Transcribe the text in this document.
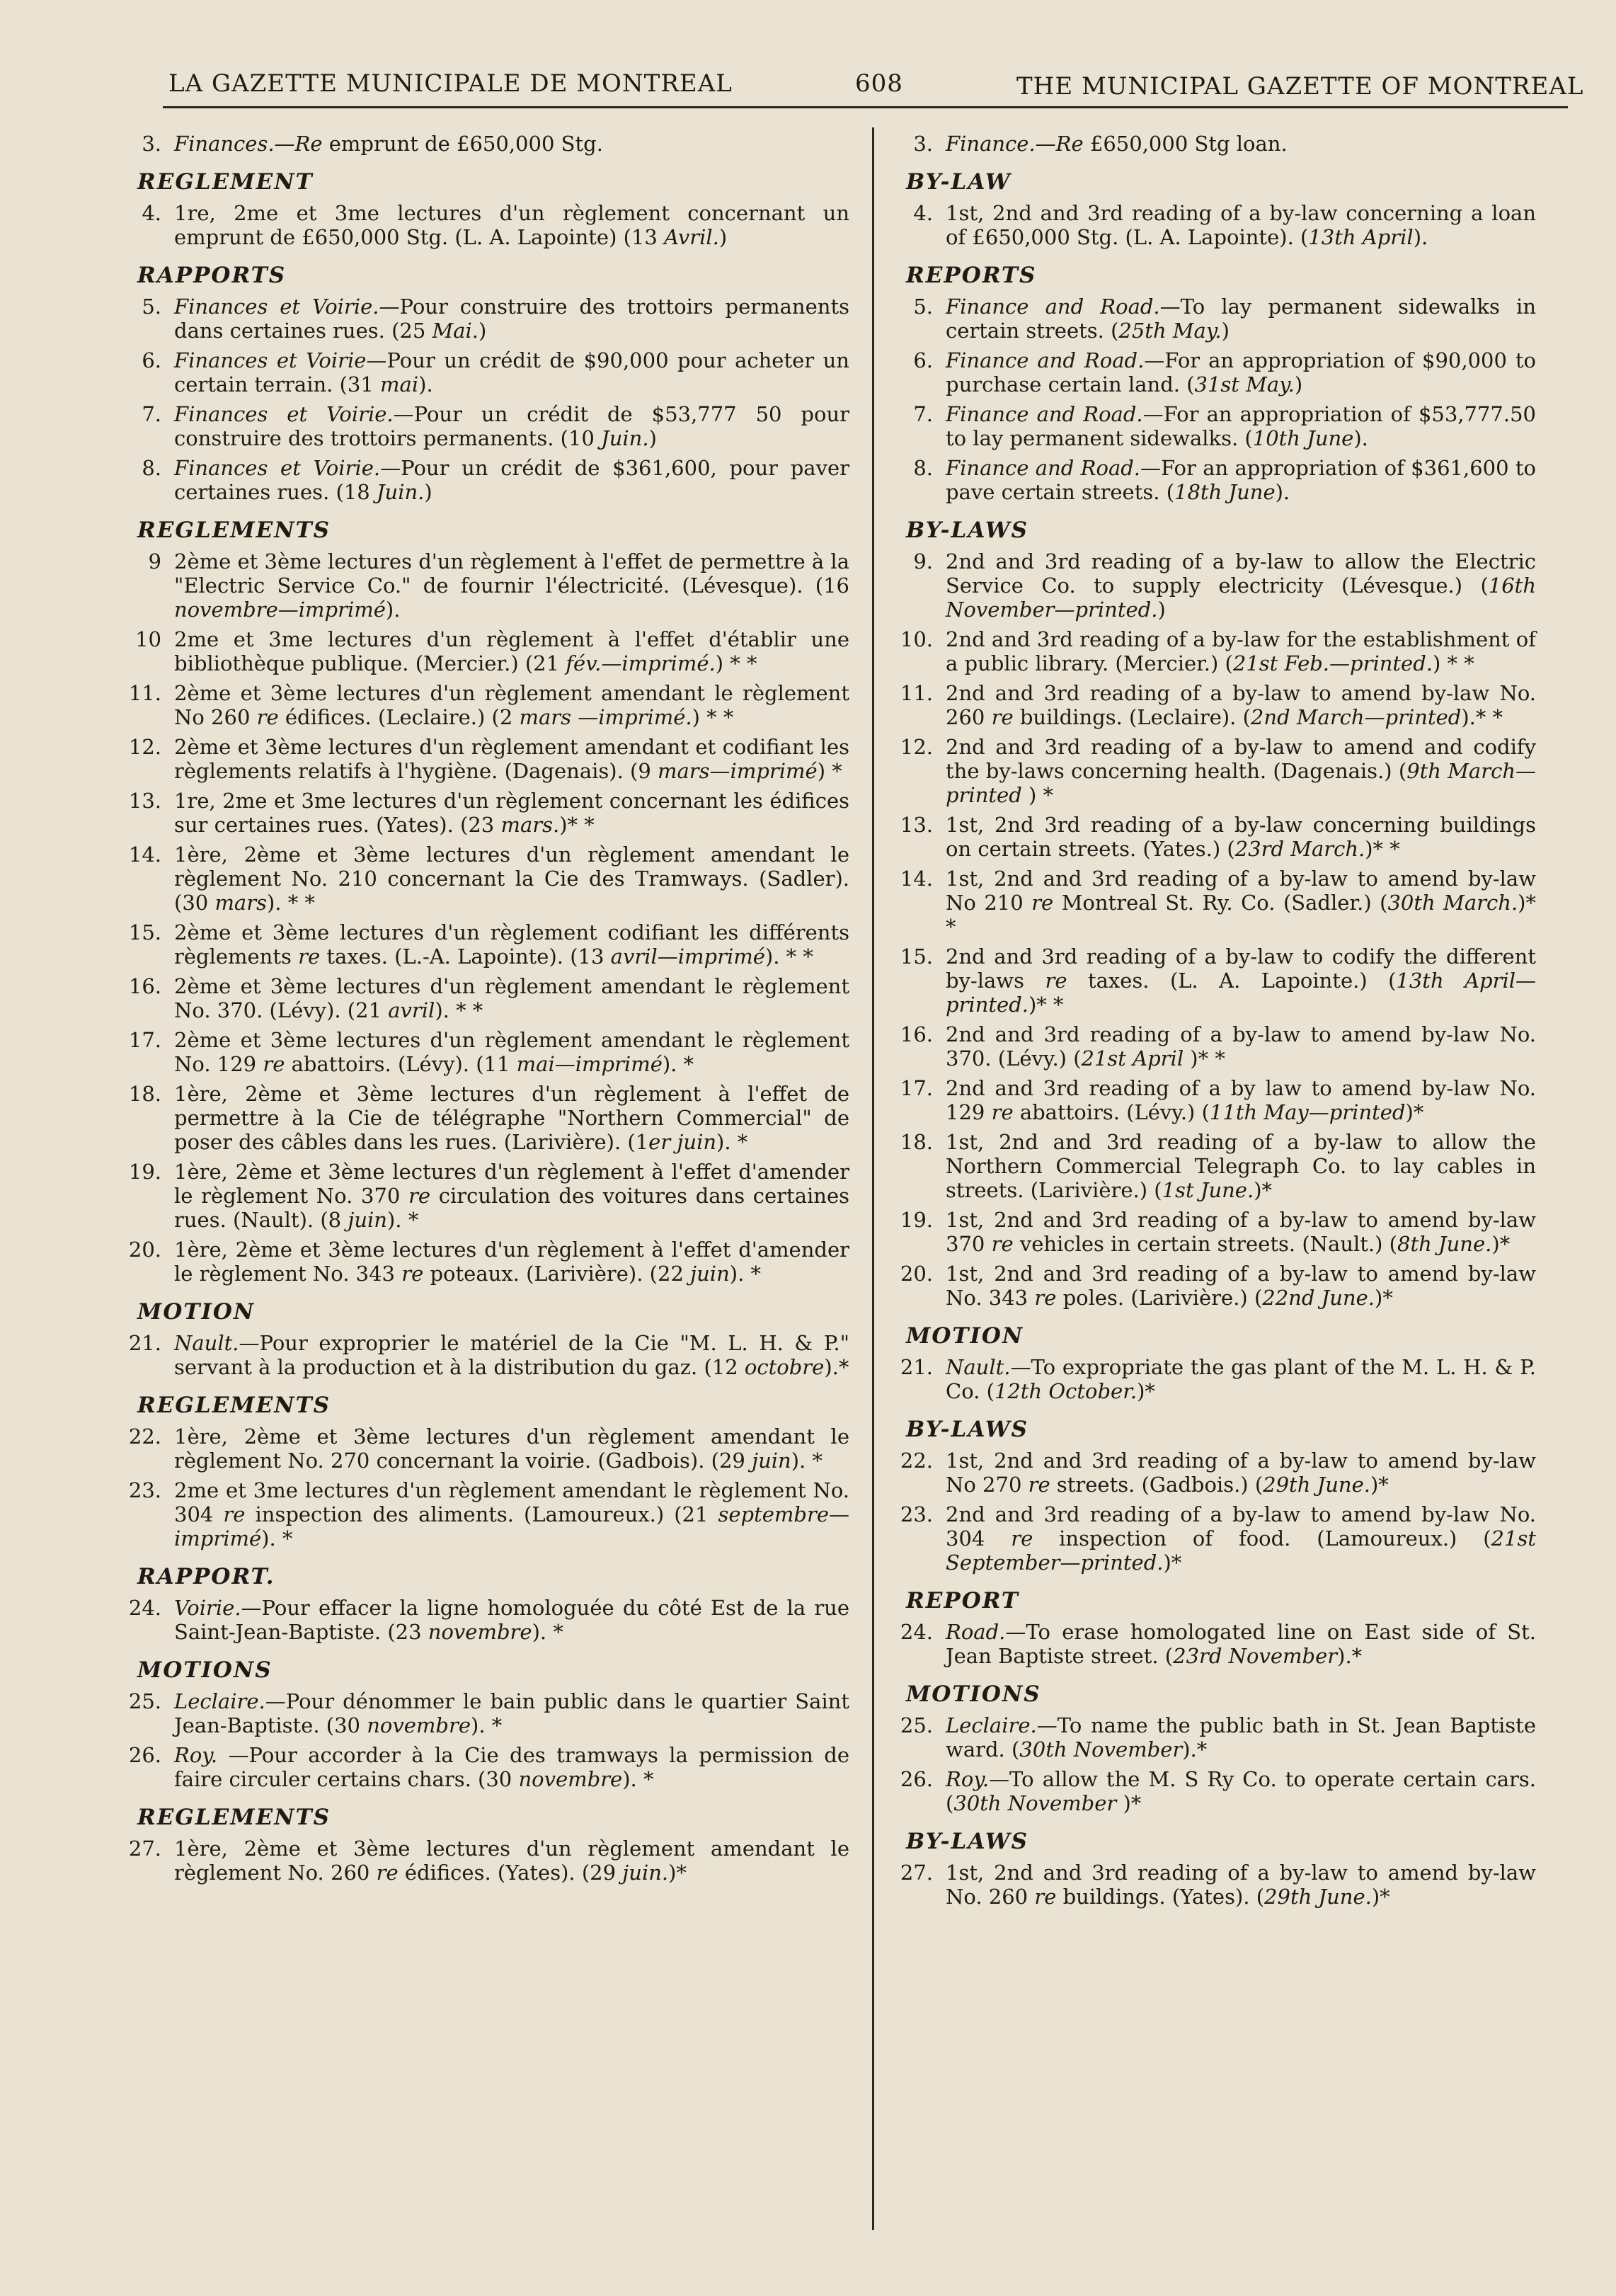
LA GAZETTE MUNICIPALE DE MONTREAL	608	THE MUNICIPAL GAZETTE OF MONTREAL
3. Finances.—Re emprunt de £650,000 Stg.
REGLEMENT
4. 1re, 2me et 3me lectures d'un règlement concernant un emprunt de £650,000 Stg. (L. A. Lapointe) (13 Avril.)
RAPPORTS
5. Finances et Voirie.—Pour construire des trottoirs permanents dans certaines rues. (25 Mai.)
6. Finances et Voirie—Pour un crédit de $90,000 pour acheter un certain terrain. (31 mai).
7. Finances et Voirie.—Pour un crédit de $53,777 50 pour construire des trottoirs permanents. (10 Juin.)
8. Finances et Voirie.—Pour un crédit de $361,600, pour paver certaines rues. (18 Juin.)
REGLEMENTS
9 2ème et 3ème lectures d'un règlement à l'effet de permettre à la "Electric Service Co." de fournir l'électricité. (Lévesque). (16 novembre—imprimé).
10 2me et 3me lectures d'un règlement à l'effet d'établir une bibliothèque publique. (Mercier.) (21 fév.—imprimé.) * *
11. 2ème et 3ème lectures d'un règlement amendant le règlement No 260 re édifices. (Leclaire.) (2 mars —imprimé.) * *
12. 2ème et 3ème lectures d'un règlement amendant et codifiant les règlements relatifs à l'hygiène. (Dagenais). (9 mars—imprimé) *
13. 1re, 2me et 3me lectures d'un règlement concernant les édifices sur certaines rues. (Yates). (23 mars.)* *
14. 1ère, 2ème et 3ème lectures d'un règlement amendant le règlement No. 210 concernant la Cie des Tramways. (Sadler). (30 mars). * *
15. 2ème et 3ème lectures d'un règlement codifiant les différents règlements re taxes. (L.-A. Lapointe). (13 avril—imprimé). * *
16. 2ème et 3ème lectures d'un règlement amendant le règlement No. 370. (Lévy). (21 avril). * *
17. 2ème et 3ème lectures d'un règlement amendant le règlement No. 129 re abattoirs. (Lévy). (11 mai—imprimé). *
18. 1ère, 2ème et 3ème lectures d'un règlement à l'effet de permettre à la Cie de télégraphe "Northern Commercial" de poser des câbles dans les rues. (Larivière). (1er juin). *
19. 1ère, 2ème et 3ème lectures d'un règlement à l'effet d'amender le règlement No. 370 re circulation des voitures dans certaines rues. (Nault). (8 juin). *
20. 1ère, 2ème et 3ème lectures d'un règlement à l'effet d'amender le règlement No. 343 re poteaux. (Larivière). (22 juin). *
MOTION
21. Nault.—Pour exproprier le matériel de la Cie "M. L. H. & P." servant à la production et à la distribution du gaz. (12 octobre).*
REGLEMENTS
22. 1ère, 2ème et 3ème lectures d'un règlement amendant le règlement No. 270 concernant la voirie. (Gadbois). (29 juin). *
23. 2me et 3me lectures d'un règlement amendant le règlement No. 304 re inspection des aliments. (Lamoureux.) (21 septembre—imprimé). *
RAPPORT.
24. Voirie.—Pour effacer la ligne homologuée du côté Est de la rue Saint-Jean-Baptiste. (23 novembre). *
MOTIONS
25. Leclaire.—Pour dénommer le bain public dans le quartier Saint Jean-Baptiste. (30 novembre). *
26. Roy. —Pour accorder à la Cie des tramways la permission de faire circuler certains chars. (30 novembre). *
REGLEMENTS
27. 1ère, 2ème et 3ème lectures d'un règlement amendant le règlement No. 260 re édifices. (Yates). (29 juin.)*
3. Finance.—Re £650,000 Stg loan.
BY-LAW
4. 1st, 2nd and 3rd reading of a by-law concerning a loan of £650,000 Stg. (L. A. Lapointe). (13th April).
REPORTS
5. Finance and Road.—To lay permanent sidewalks in certain streets. (25th May.)
6. Finance and Road.—For an appropriation of $90,000 to purchase certain land. (31st May.)
7. Finance and Road.—For an appropriation of $53,777.50 to lay permanent sidewalks. (10th June).
8. Finance and Road.—For an appropriation of $361,600 to pave certain streets. (18th June).
BY-LAWS
9. 2nd and 3rd reading of a by-law to allow the Electric Service Co. to supply electricity (Lévesque.) (16th November—printed.)
10. 2nd and 3rd reading of a by-law for the establishment of a public library. (Mercier.) (21st Feb.—printed.) * *
11. 2nd and 3rd reading of a by-law to amend by-law No. 260 re buildings. (Leclaire). (2nd March—printed).* *
12. 2nd and 3rd reading of a by-law to amend and codify the by-laws concerning health. (Dagenais.) (9th March—printed ) *
13. 1st, 2nd 3rd reading of a by-law concerning buildings on certain streets. (Yates.) (23rd March.)* *
14. 1st, 2nd and 3rd reading of a by-law to amend by-law No 210 re Montreal St. Ry. Co. (Sadler.) (30th March.)* *
15. 2nd and 3rd reading of a by-law to codify the different by-laws re taxes. (L. A. Lapointe.) (13th April—printed.)* *
16. 2nd and 3rd reading of a by-law to amend by-law No. 370. (Lévy.) (21st April )* *
17. 2nd and 3rd reading of a by law to amend by-law No. 129 re abattoirs. (Lévy.) (11th May—printed)*
18. 1st, 2nd and 3rd reading of a by-law to allow the Northern Commercial Telegraph Co. to lay cables in streets. (Larivière.) (1st June.)*
19. 1st, 2nd and 3rd reading of a by-law to amend by-law 370 re vehicles in certain streets. (Nault.) (8th June.)*
20. 1st, 2nd and 3rd reading of a by-law to amend by-law No. 343 re poles. (Larivière.) (22nd June.)*
MOTION
21. Nault.—To expropriate the gas plant of the M. L. H. & P. Co. (12th October.)*
BY-LAWS
22. 1st, 2nd and 3rd reading of a by-law to amend by-law No 270 re streets. (Gadbois.) (29th June.)*
23. 2nd and 3rd reading of a by-law to amend by-law No. 304 re inspection of food. (Lamoureux.) (21st September—printed.)*
REPORT
24. Road.—To erase homologated line on East side of St. Jean Baptiste street. (23rd November).*
MOTIONS
25. Leclaire.—To name the public bath in St. Jean Baptiste ward. (30th November).*
26. Roy.—To allow the M. S Ry Co. to operate certain cars. (30th November )*
BY-LAWS
27. 1st, 2nd and 3rd reading of a by-law to amend by-law No. 260 re buildings. (Yates). (29th June.)*
